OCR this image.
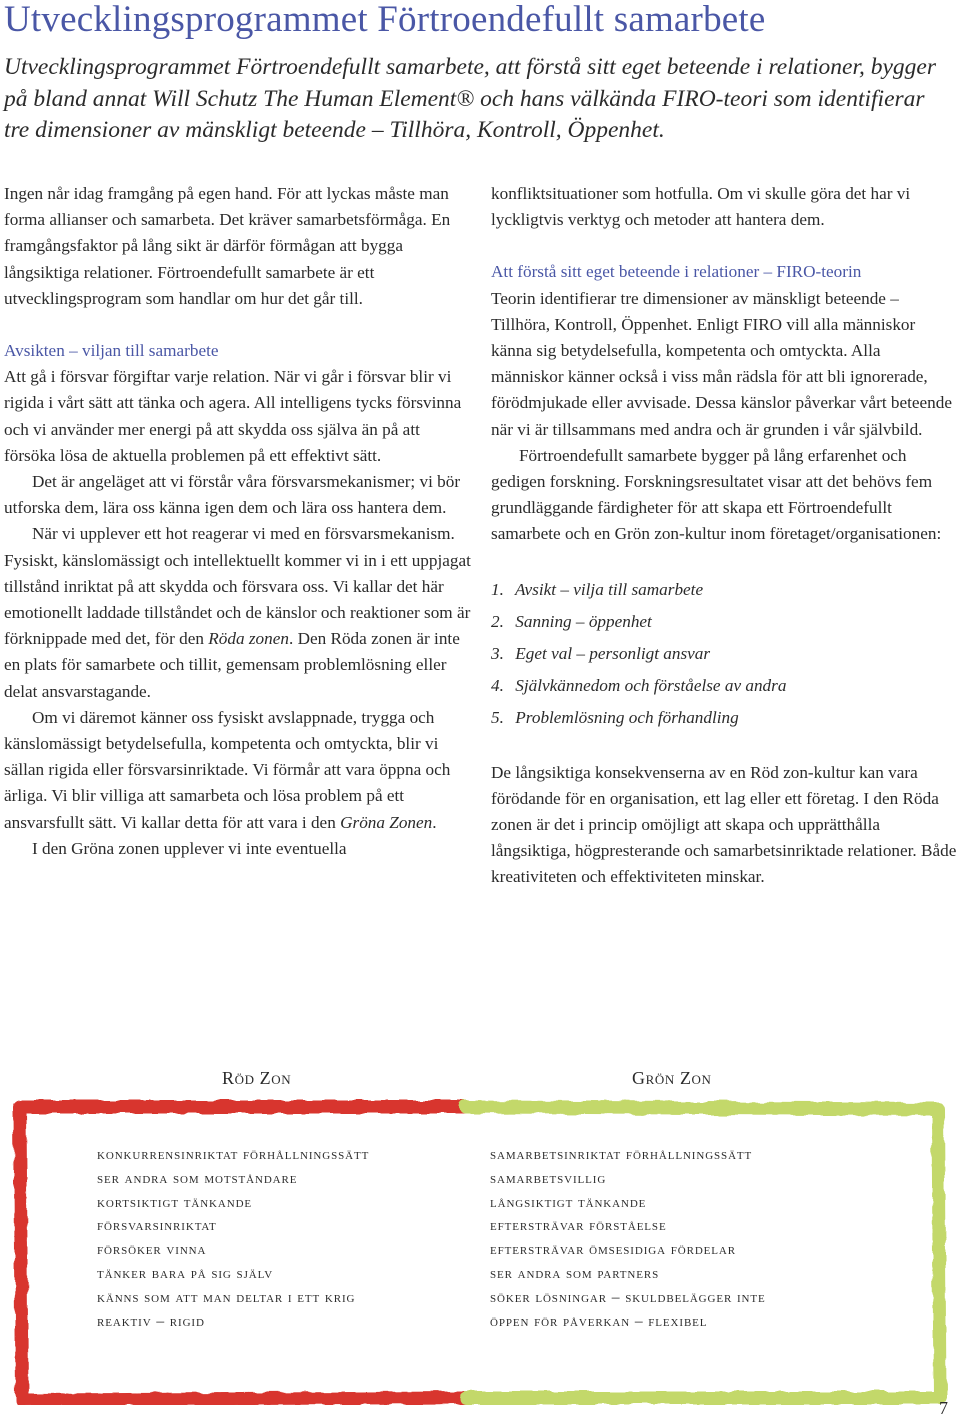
Utvecklingsprogrammet Förtroendefullt samarbete

Utvecklingsprogrammet Förtroendefullt samarbete, att förstå sitt eget beteende i relationer, bygger på bland annat Will Schutz The Human Element® och hans välkända FIRO-teori som identifierar tre dimensioner av mänskligt beteende – Tillhöra, Kontroll, Öppenhet.

Ingen når idag framgång på egen hand. För att lyckas måste man forma allianser och samarbeta. Det kräver samarbetsförmåga. En framgångsfaktor på lång sikt är därför förmågan att bygga långsiktiga relationer. Förtroendefullt samarbete är ett utvecklingsprogram som handlar om hur det går till.

Avsikten – viljan till samarbete

Att gå i försvar förgiftar varje relation. När vi går i försvar blir vi rigida i vårt sätt att tänka och agera. All intelligens tycks försvinna och vi använder mer energi på att skydda oss själva än på att försöka lösa de aktuella problemen på ett effektivt sätt.

Det är angeläget att vi förstår våra försvarsmekanismer; vi bör utforska dem, lära oss känna igen dem och lära oss hantera dem.

När vi upplever ett hot reagerar vi med en försvarsmekanism. Fysiskt, känslomässigt och intellektuellt kommer vi in i ett uppjagat tillstånd inriktat på att skydda och försvara oss. Vi kallar det här emotionellt laddade tillståndet och de känslor och reaktioner som är förknippade med det, för den Röda zonen. Den Röda zonen är inte en plats för samarbete och tillit, gemensam problemlösning eller delat ansvarstagande.

Om vi däremot känner oss fysiskt avslappnade, trygga och känslomässigt betydelsefulla, kompetenta och omtyckta, blir vi sällan rigida eller försvarsinriktade. Vi förmår att vara öppna och ärliga. Vi blir villiga att samarbeta och lösa problem på ett ansvarsfullt sätt. Vi kallar detta för att vara i den Gröna Zonen.

I den Gröna zonen upplever vi inte eventuella

konfliktsituationer som hotfulla. Om vi skulle göra det har vi lyckligtvis verktyg och metoder att hantera dem.

Att förstå sitt eget beteende i relationer – FIRO-teorin

Teorin identifierar tre dimensioner av mänskligt beteende – Tillhöra, Kontroll, Öppenhet. Enligt FIRO vill alla människor känna sig betydelsefulla, kompetenta och omtyckta. Alla människor känner också i viss mån rädsla för att bli ignorerade, förödmjukade eller avvisade. Dessa känslor påverkar vårt beteende när vi är tillsammans med andra och är grunden i vår självbild.

Förtroendefullt samarbete bygger på lång erfarenhet och gedigen forskning. Forskningsresultatet visar att det behövs fem grundläggande färdigheter för att skapa ett Förtroendefullt samarbete och en Grön zon-kultur inom företaget/organisationen:

1. Avsikt – vilja till samarbete
2. Sanning – öppenhet
3. Eget val – personligt ansvar
4. Självkännedom och förståelse av andra
5. Problemlösning och förhandling

De långsiktiga konsekvenserna av en Röd zon-kultur kan vara förödande för en organisation, ett lag eller ett företag. I den Röda zonen är det i princip omöjligt att skapa och upprätthålla långsiktiga, högpresterande och samarbetsinriktade relationer. Både kreativiteten och effektiviteten minskar.

Röd Zon	Grön Zon
konkurrensinriktat förhållningssätt
ser andra som motståndare
kortsiktigt tänkande
försvarsinriktat
försöker vinna
tänker bara på sig själv
känns som att man deltar i ett krig
reaktiv – rigid
samarbetsinriktat förhållningssätt
samarbetsvillig
långsiktigt tänkande
eftersträvar förståelse
eftersträvar ömsesidiga fördelar
ser andra som partners
söker lösningar – skuldbelägger inte
öppen för påverkan – flexibel
7
